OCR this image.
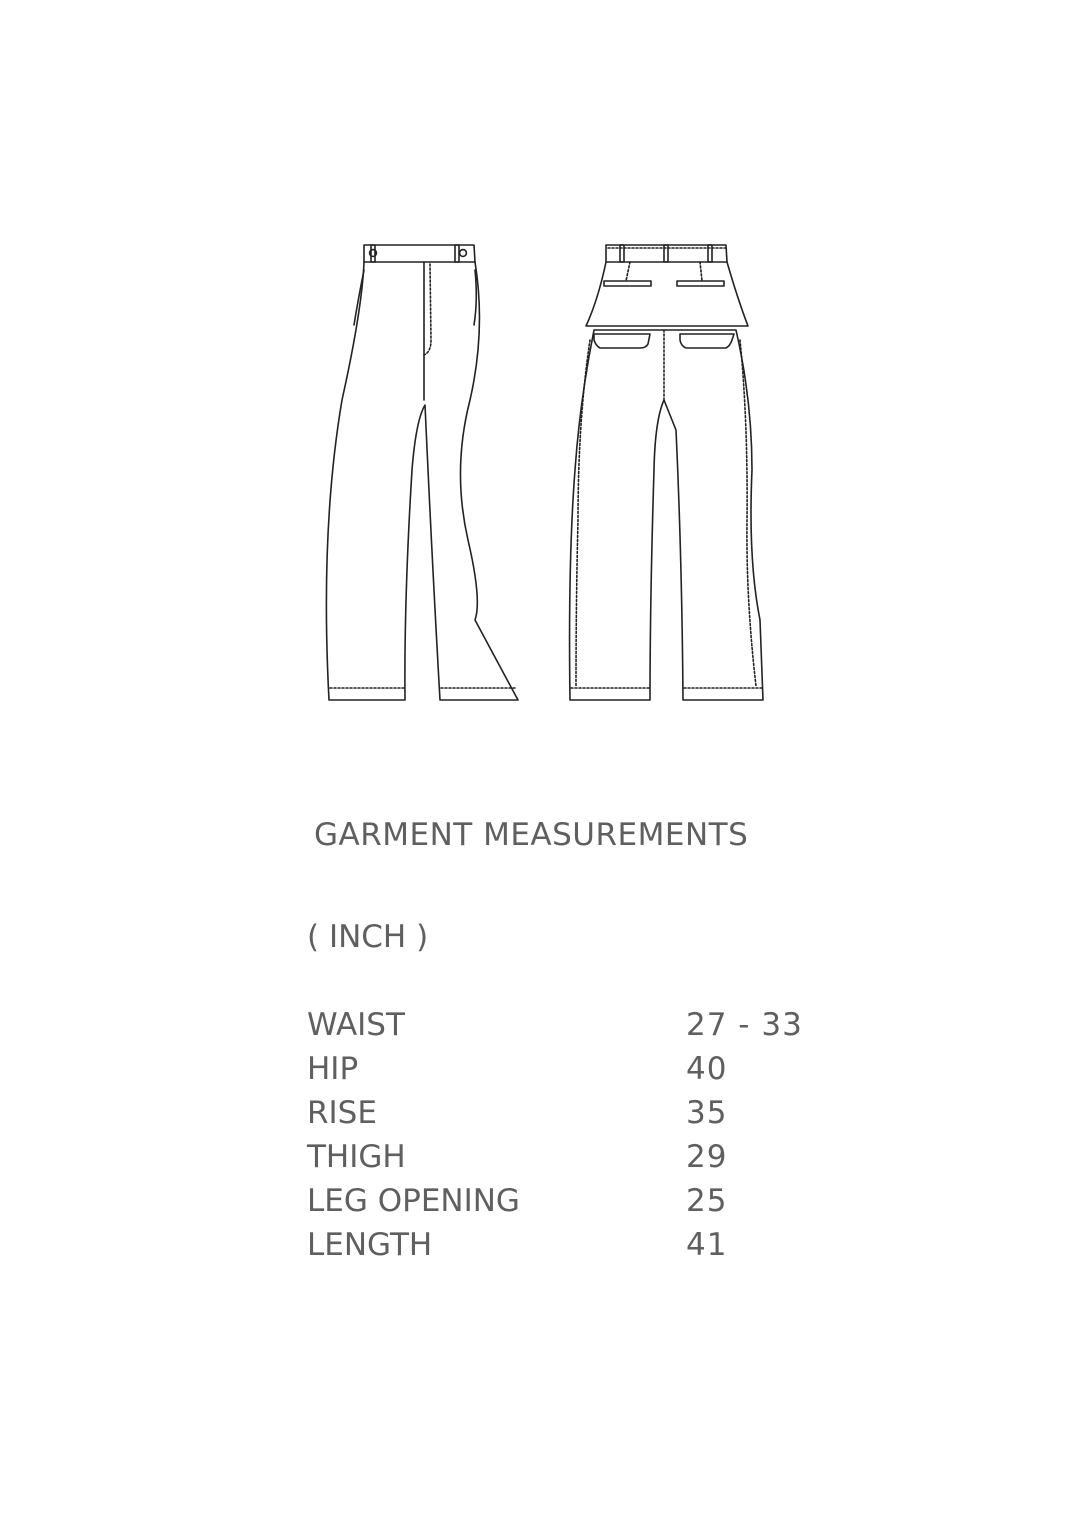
GARMENT MEASUREMENTS
( INCH )
WAIST	27 - 33
HIP	40
RISE	35
THIGH	29
LEG OPENING	25
LENGTH	41
